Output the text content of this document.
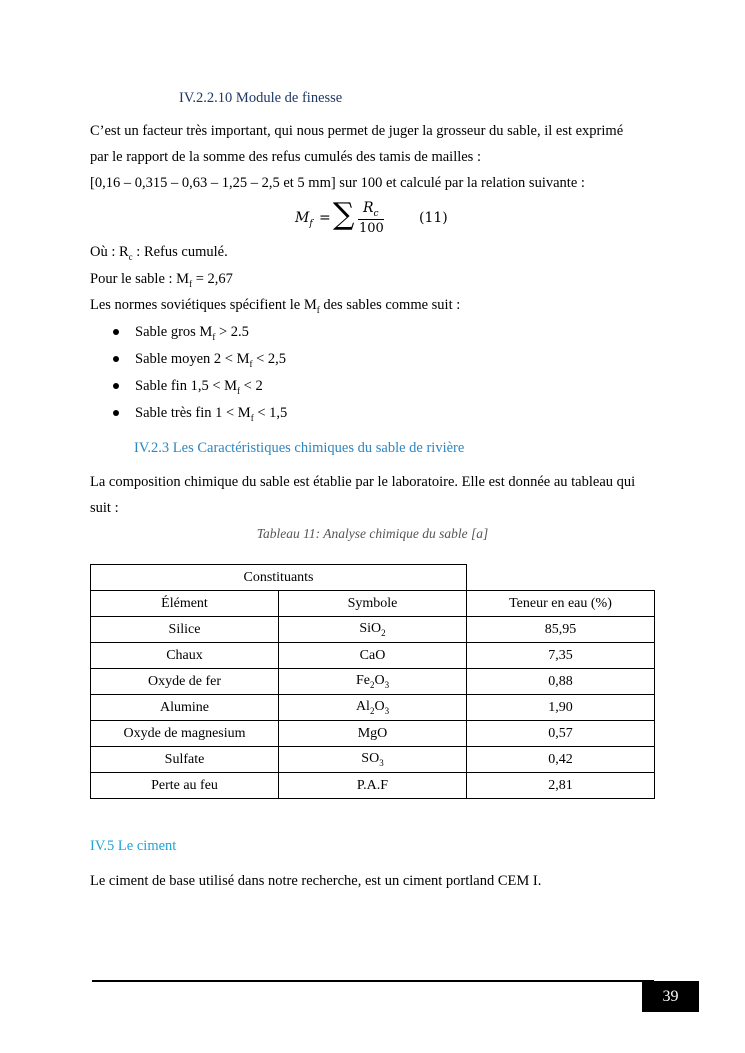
IV.2.2.10 Module de finesse
C’est un facteur très important, qui nous permet de juger la grosseur du sable, il est exprimé
par le rapport de la somme des refus cumulés des tamis de mailles :
[0,16 – 0,315 – 0,63 – 1,25 – 2,5 et 5 mm] sur 100 et calculé par la relation suivante :
$M_f$ = ∑ $R_c$
100
(11)
Où : $R_c$ : Refus cumulé.
Pour le sable : $M_f = 2,67$
Les normes soviétiques spécifient le $M_f$ des sables comme suit :
Sable gros $M_f > 2.5$
Sable moyen $2 < M_f < 2,5$
Sable fin $1,5 < M_f < 2$
Sable très fin $1 < M_f < 1,5$
IV.2.3 Les Caractéristiques chimiques du sable de rivière
La composition chimique du sable est établie par le laboratoire. Elle est donnée au tableau qui
suit :
Tableau 11: Analyse chimique du sable [a]
Constituants		
Élément	Symbole	Teneur en eau (%)
Silice	SiO$_2$	85,95
Chaux	CaO	7,35
Oxyde de fer	$Fe_2O_3$	0,88
Alumine	$Al_2O_3$	1,90
Oxyde de magnesium	MgO	0,57
Sulfate	$SO_3$	0,42
Perte au feu	P.A.F	2,81
IV.5 Le ciment
Le ciment de base utilisé dans notre recherche, est un ciment portland CEM I.
39
